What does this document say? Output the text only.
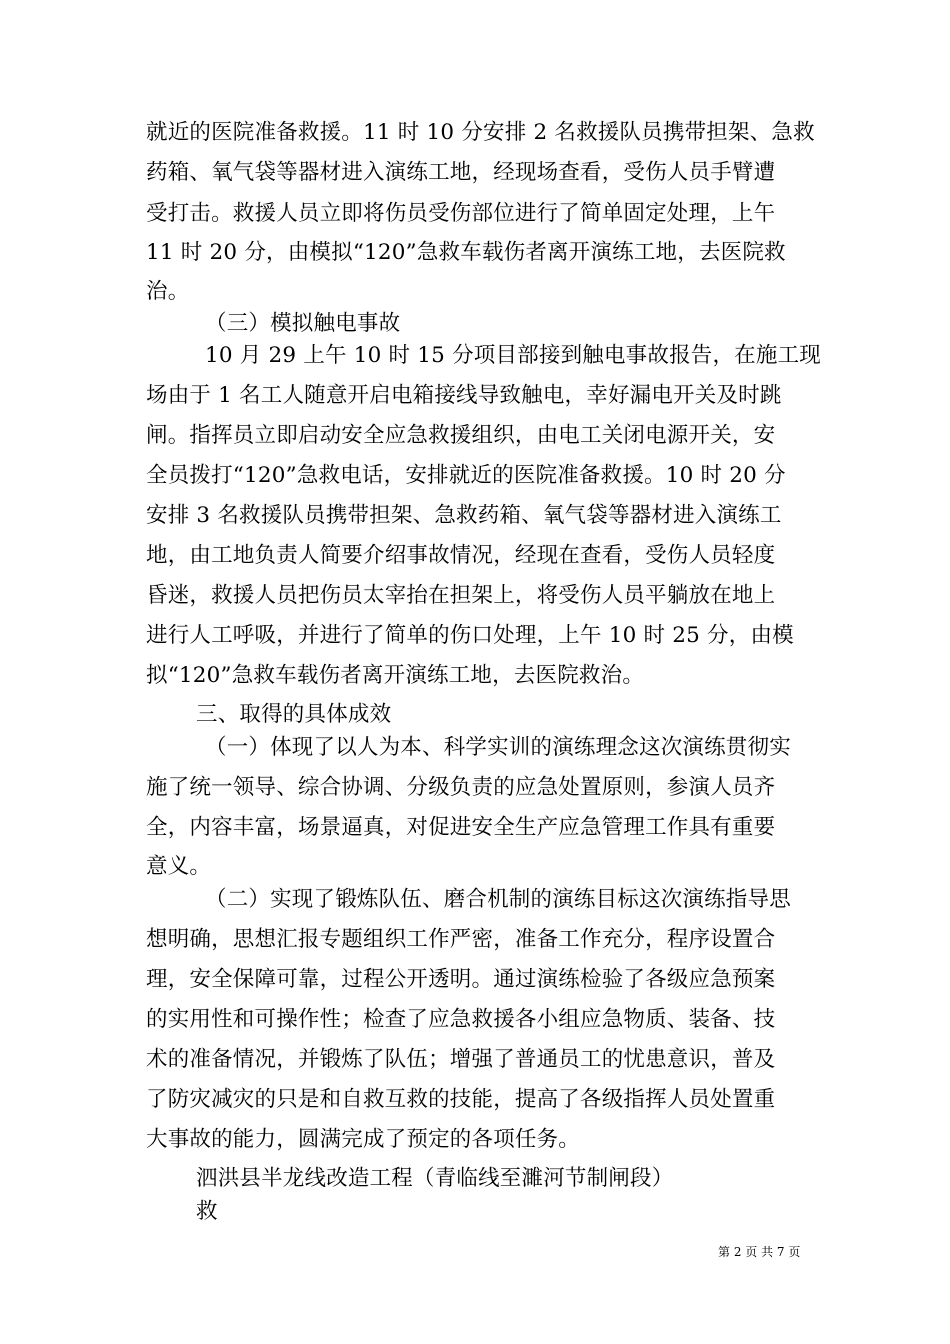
就近的医院准备救援。11 时 10 分安排 2 名救援队员携带担架、急救
药箱、氧气袋等器材进入演练工地，经现场查看，受伤人员手臂遭
受打击。救援人员立即将伤员受伤部位进行了简单固定处理，上午
11 时 20 分，由模拟“120”急救车载伤者离开演练工地，去医院救
治。
（三）模拟触电事故
10 月 29 上午 10 时 15 分项目部接到触电事故报告，在施工现
场由于 1 名工人随意开启电箱接线导致触电，幸好漏电开关及时跳
闸。指挥员立即启动安全应急救援组织，由电工关闭电源开关，安
全员拨打“120”急救电话，安排就近的医院准备救援。10 时 20 分
安排 3 名救援队员携带担架、急救药箱、氧气袋等器材进入演练工
地，由工地负责人简要介绍事故情况，经现在查看，受伤人员轻度
昏迷，救援人员把伤员太宰抬在担架上，将受伤人员平躺放在地上
进行人工呼吸，并进行了简单的伤口处理，上午 10 时 25 分，由模
拟“120”急救车载伤者离开演练工地，去医院救治。
三、取得的具体成效
（一）体现了以人为本、科学实训的演练理念这次演练贯彻实
施了统一领导、综合协调、分级负责的应急处置原则，参演人员齐
全，内容丰富，场景逼真，对促进安全生产应急管理工作具有重要
意义。
（二）实现了锻炼队伍、磨合机制的演练目标这次演练指导思
想明确，思想汇报专题组织工作严密，准备工作充分，程序设置合
理，安全保障可靠，过程公开透明。通过演练检验了各级应急预案
的实用性和可操作性；检查了应急救援各小组应急物质、装备、技
术的准备情况，并锻炼了队伍；增强了普通员工的忧患意识，普及
了防灾减灾的只是和自救互救的技能，提高了各级指挥人员处置重
大事故的能力，圆满完成了预定的各项任务。
泗洪县半龙线改造工程（青临线至濉河节制闸段）
救
第 2 页 共 7 页
